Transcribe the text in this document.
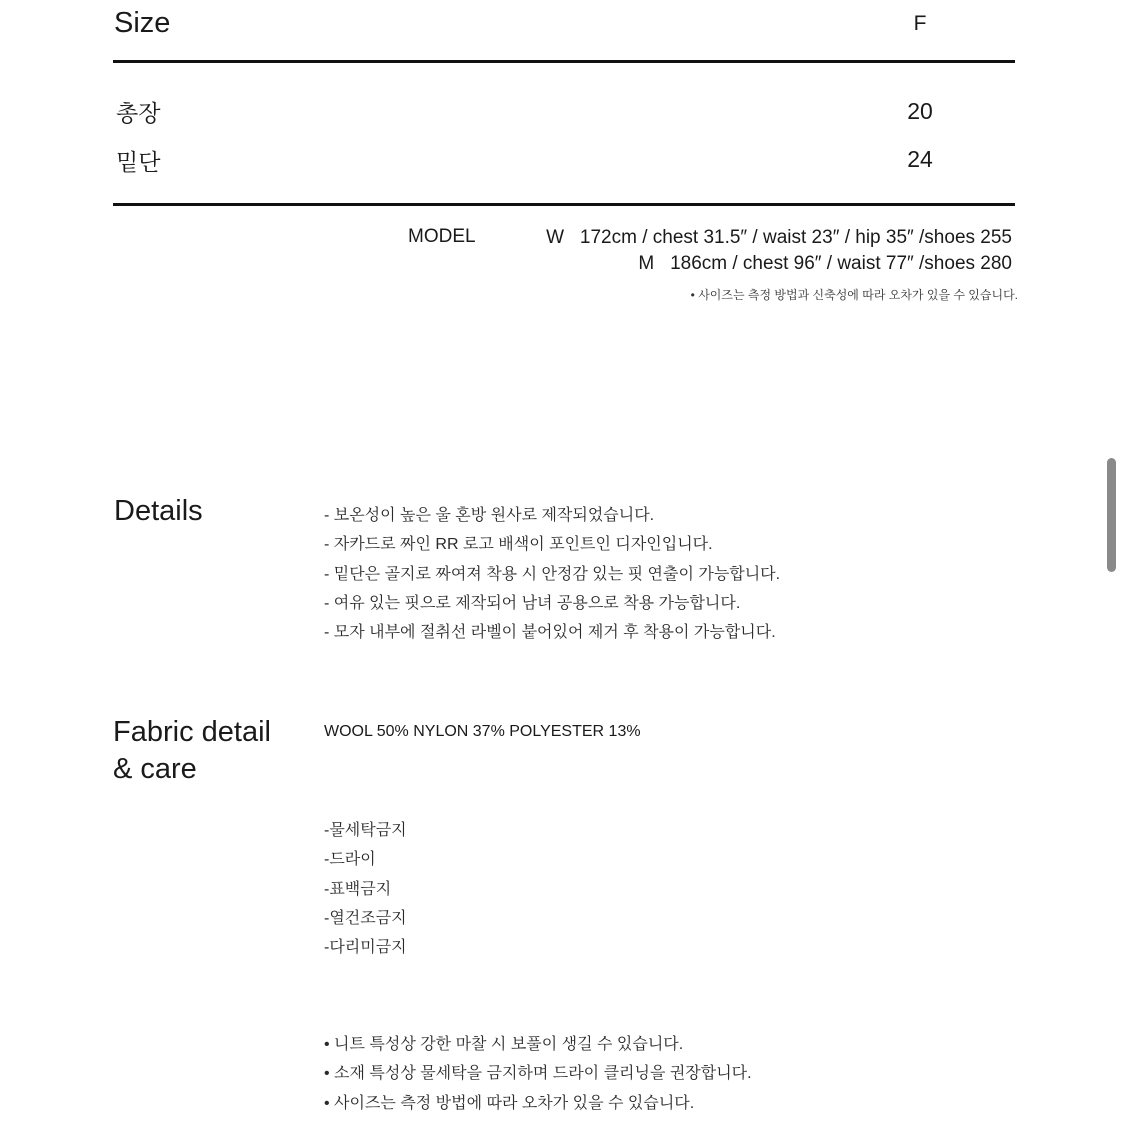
Size	F
총장	20
밑단	24
MODEL	W   172cm / chest 31.5″ / waist 23″ / hip 35″ /shoes 255
M   186cm / chest 96″ / waist 77″ /shoes 280
• 사이즈는 측정 방법과 신축성에 따라 오차가 있을 수 있습니다.
Details	- 보온성이 높은 울 혼방 원사로 제작되었습니다.
- 자카드로 짜인 RR 로고 배색이 포인트인 디자인입니다.
- 밑단은 골지로 짜여져 착용 시 안정감 있는 핏 연출이 가능합니다.
- 여유 있는 핏으로 제작되어 남녀 공용으로 착용 가능합니다.
- 모자 내부에 절취선 라벨이 붙어있어 제거 후 착용이 가능합니다.
Fabric detail
& care
WOOL 50% NYLON 37% POLYESTER 13%
-물세탁금지
-드라이
-표백금지
-열건조금지
-다리미금지
• 니트 특성상 강한 마찰 시 보풀이 생길 수 있습니다.
• 소재 특성상 물세탁을 금지하며 드라이 클리닝을 권장합니다.
• 사이즈는 측정 방법에 따라 오차가 있을 수 있습니다.
